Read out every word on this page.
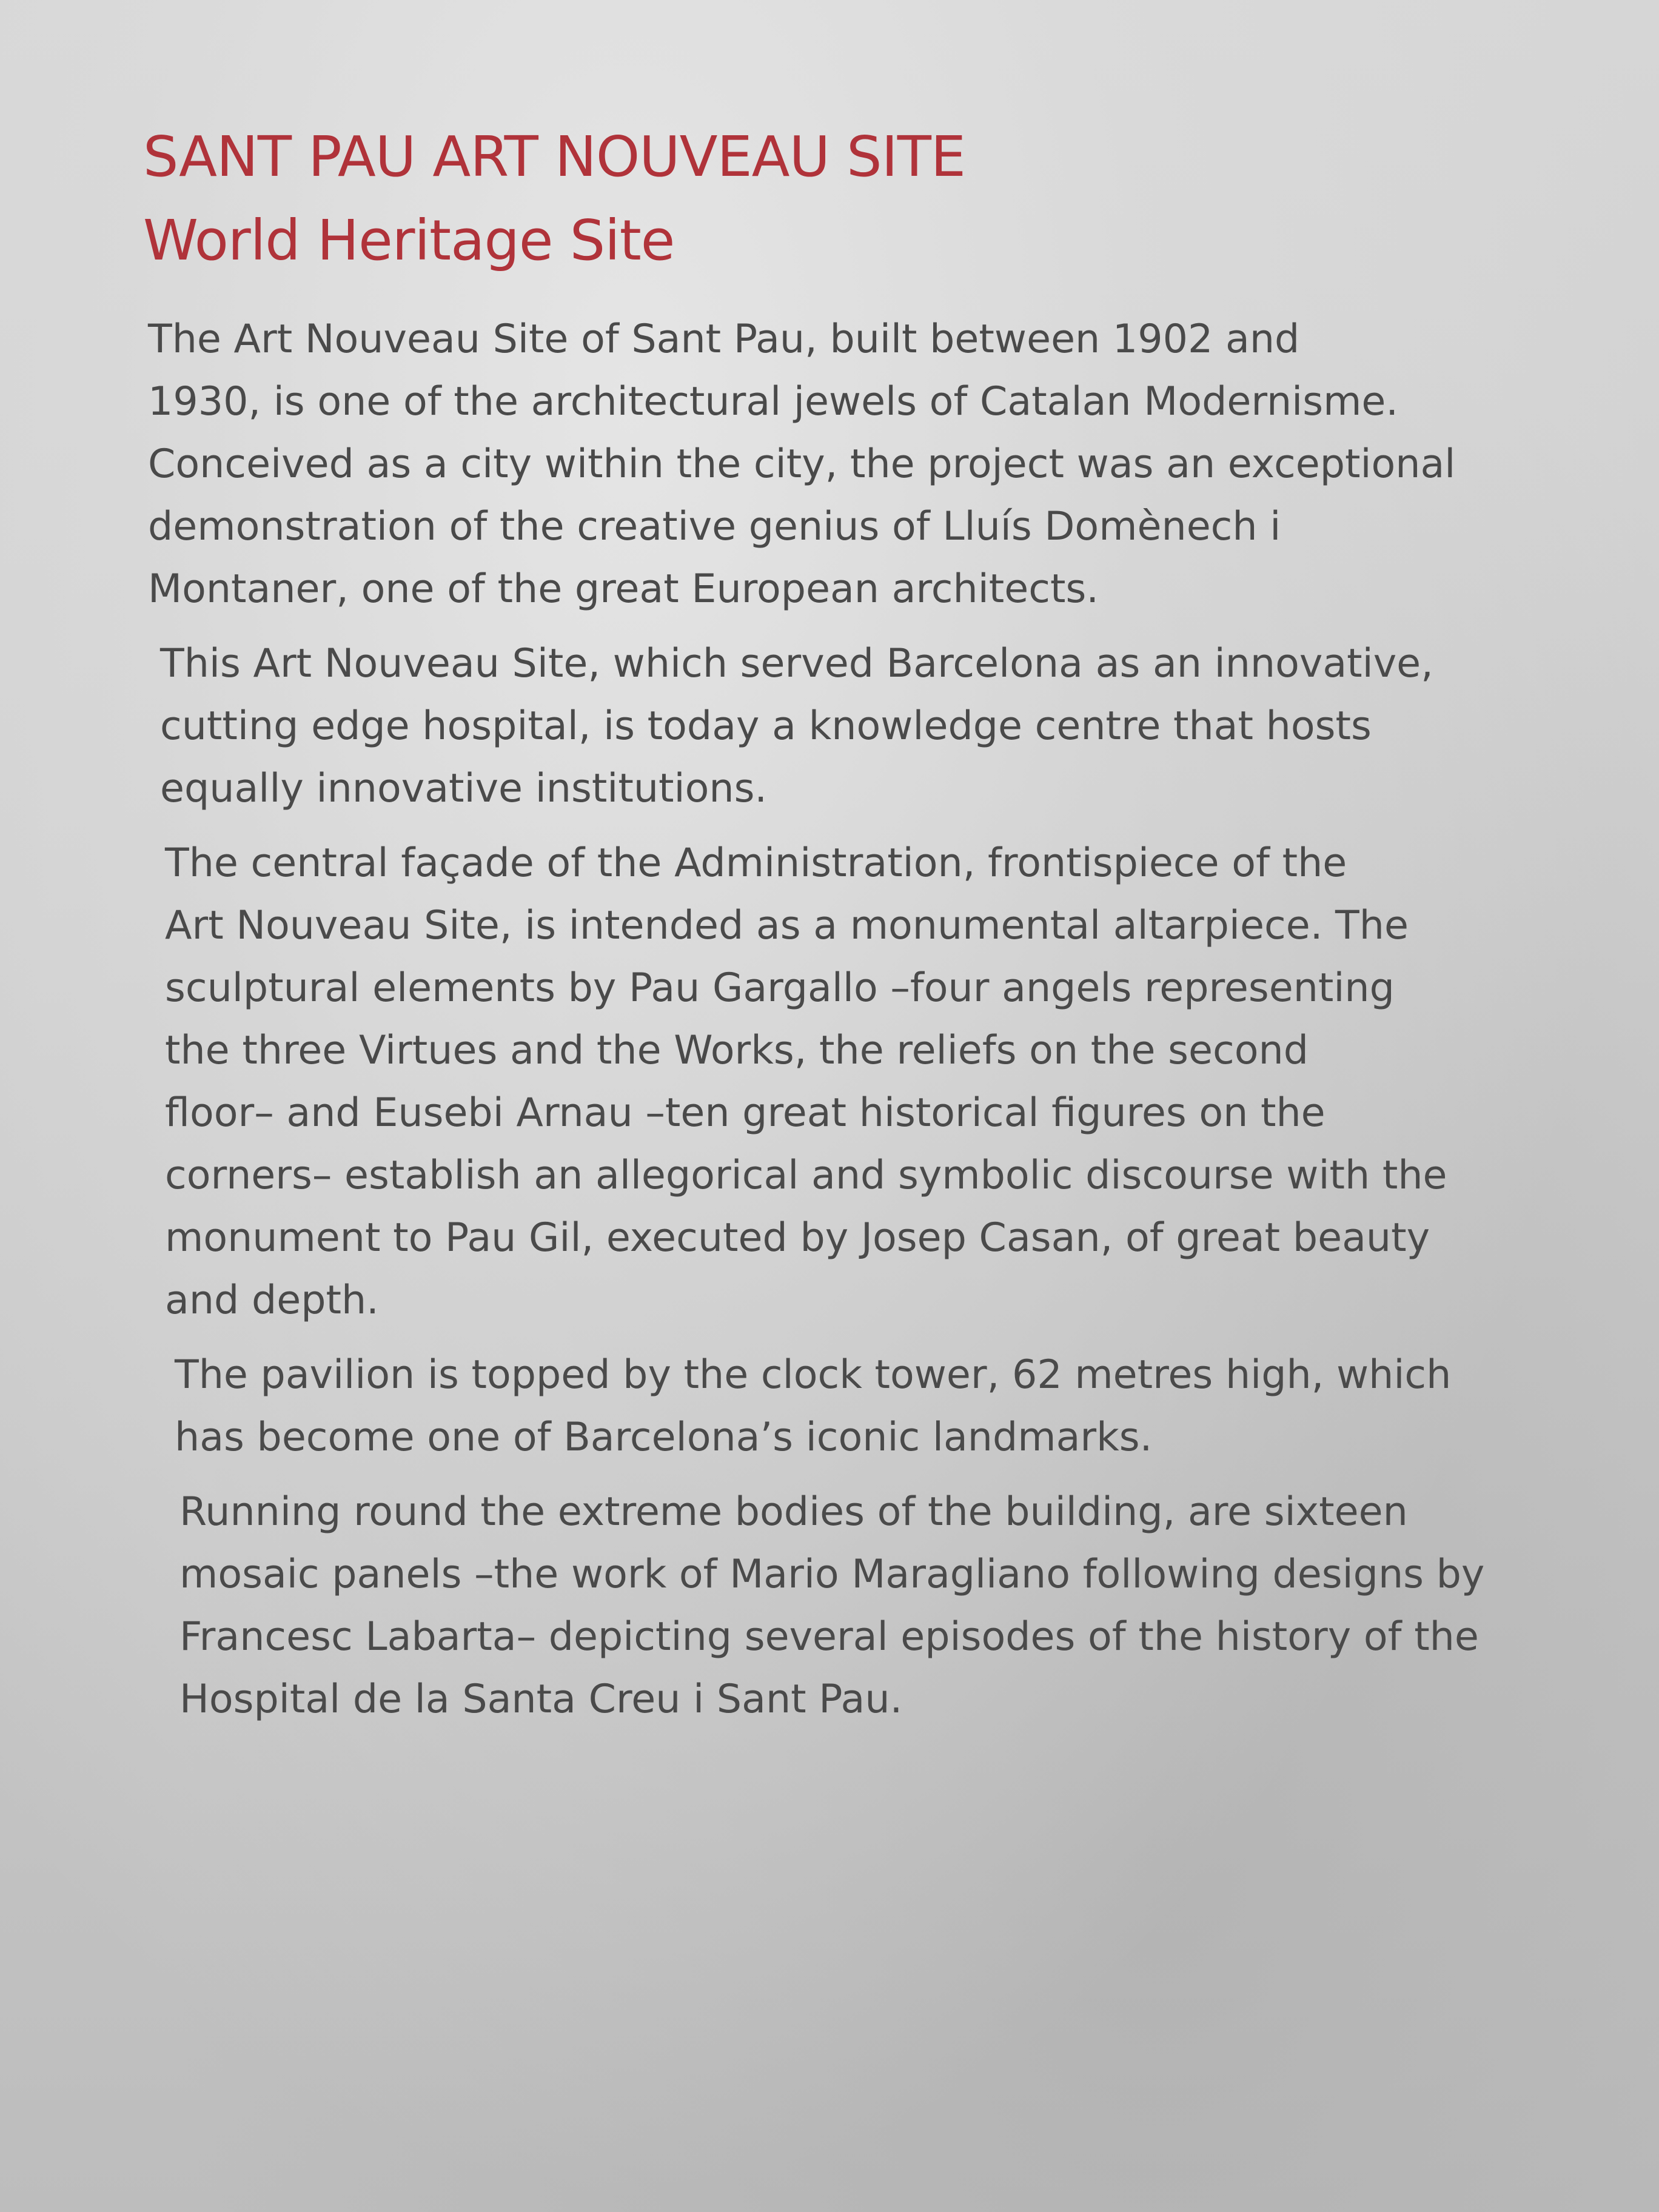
SANT PAU ART NOUVEAU SITE
World Heritage Site

The Art Nouveau Site of Sant Pau, built between 1902 and
1930, is one of the architectural jewels of Catalan Modernisme.
Conceived as a city within the city, the project was an exceptional
demonstration of the creative genius of Lluís Domènech i
Montaner, one of the great European architects.

This Art Nouveau Site, which served Barcelona as an innovative,
cutting edge hospital, is today a knowledge centre that hosts
equally innovative institutions.

The central façade of the Administration, frontispiece of the
Art Nouveau Site, is intended as a monumental altarpiece. The
sculptural elements by Pau Gargallo –four angels representing
the three Virtues and the Works, the reliefs on the second
floor– and Eusebi Arnau –ten great historical figures on the
corners– establish an allegorical and symbolic discourse with the
monument to Pau Gil, executed by Josep Casan, of great beauty
and depth.

The pavilion is topped by the clock tower, 62 metres high, which
has become one of Barcelona’s iconic landmarks.

Running round the extreme bodies of the building, are sixteen
mosaic panels –the work of Mario Maragliano following designs by
Francesc Labarta– depicting several episodes of the history of the
Hospital de la Santa Creu i Sant Pau.
